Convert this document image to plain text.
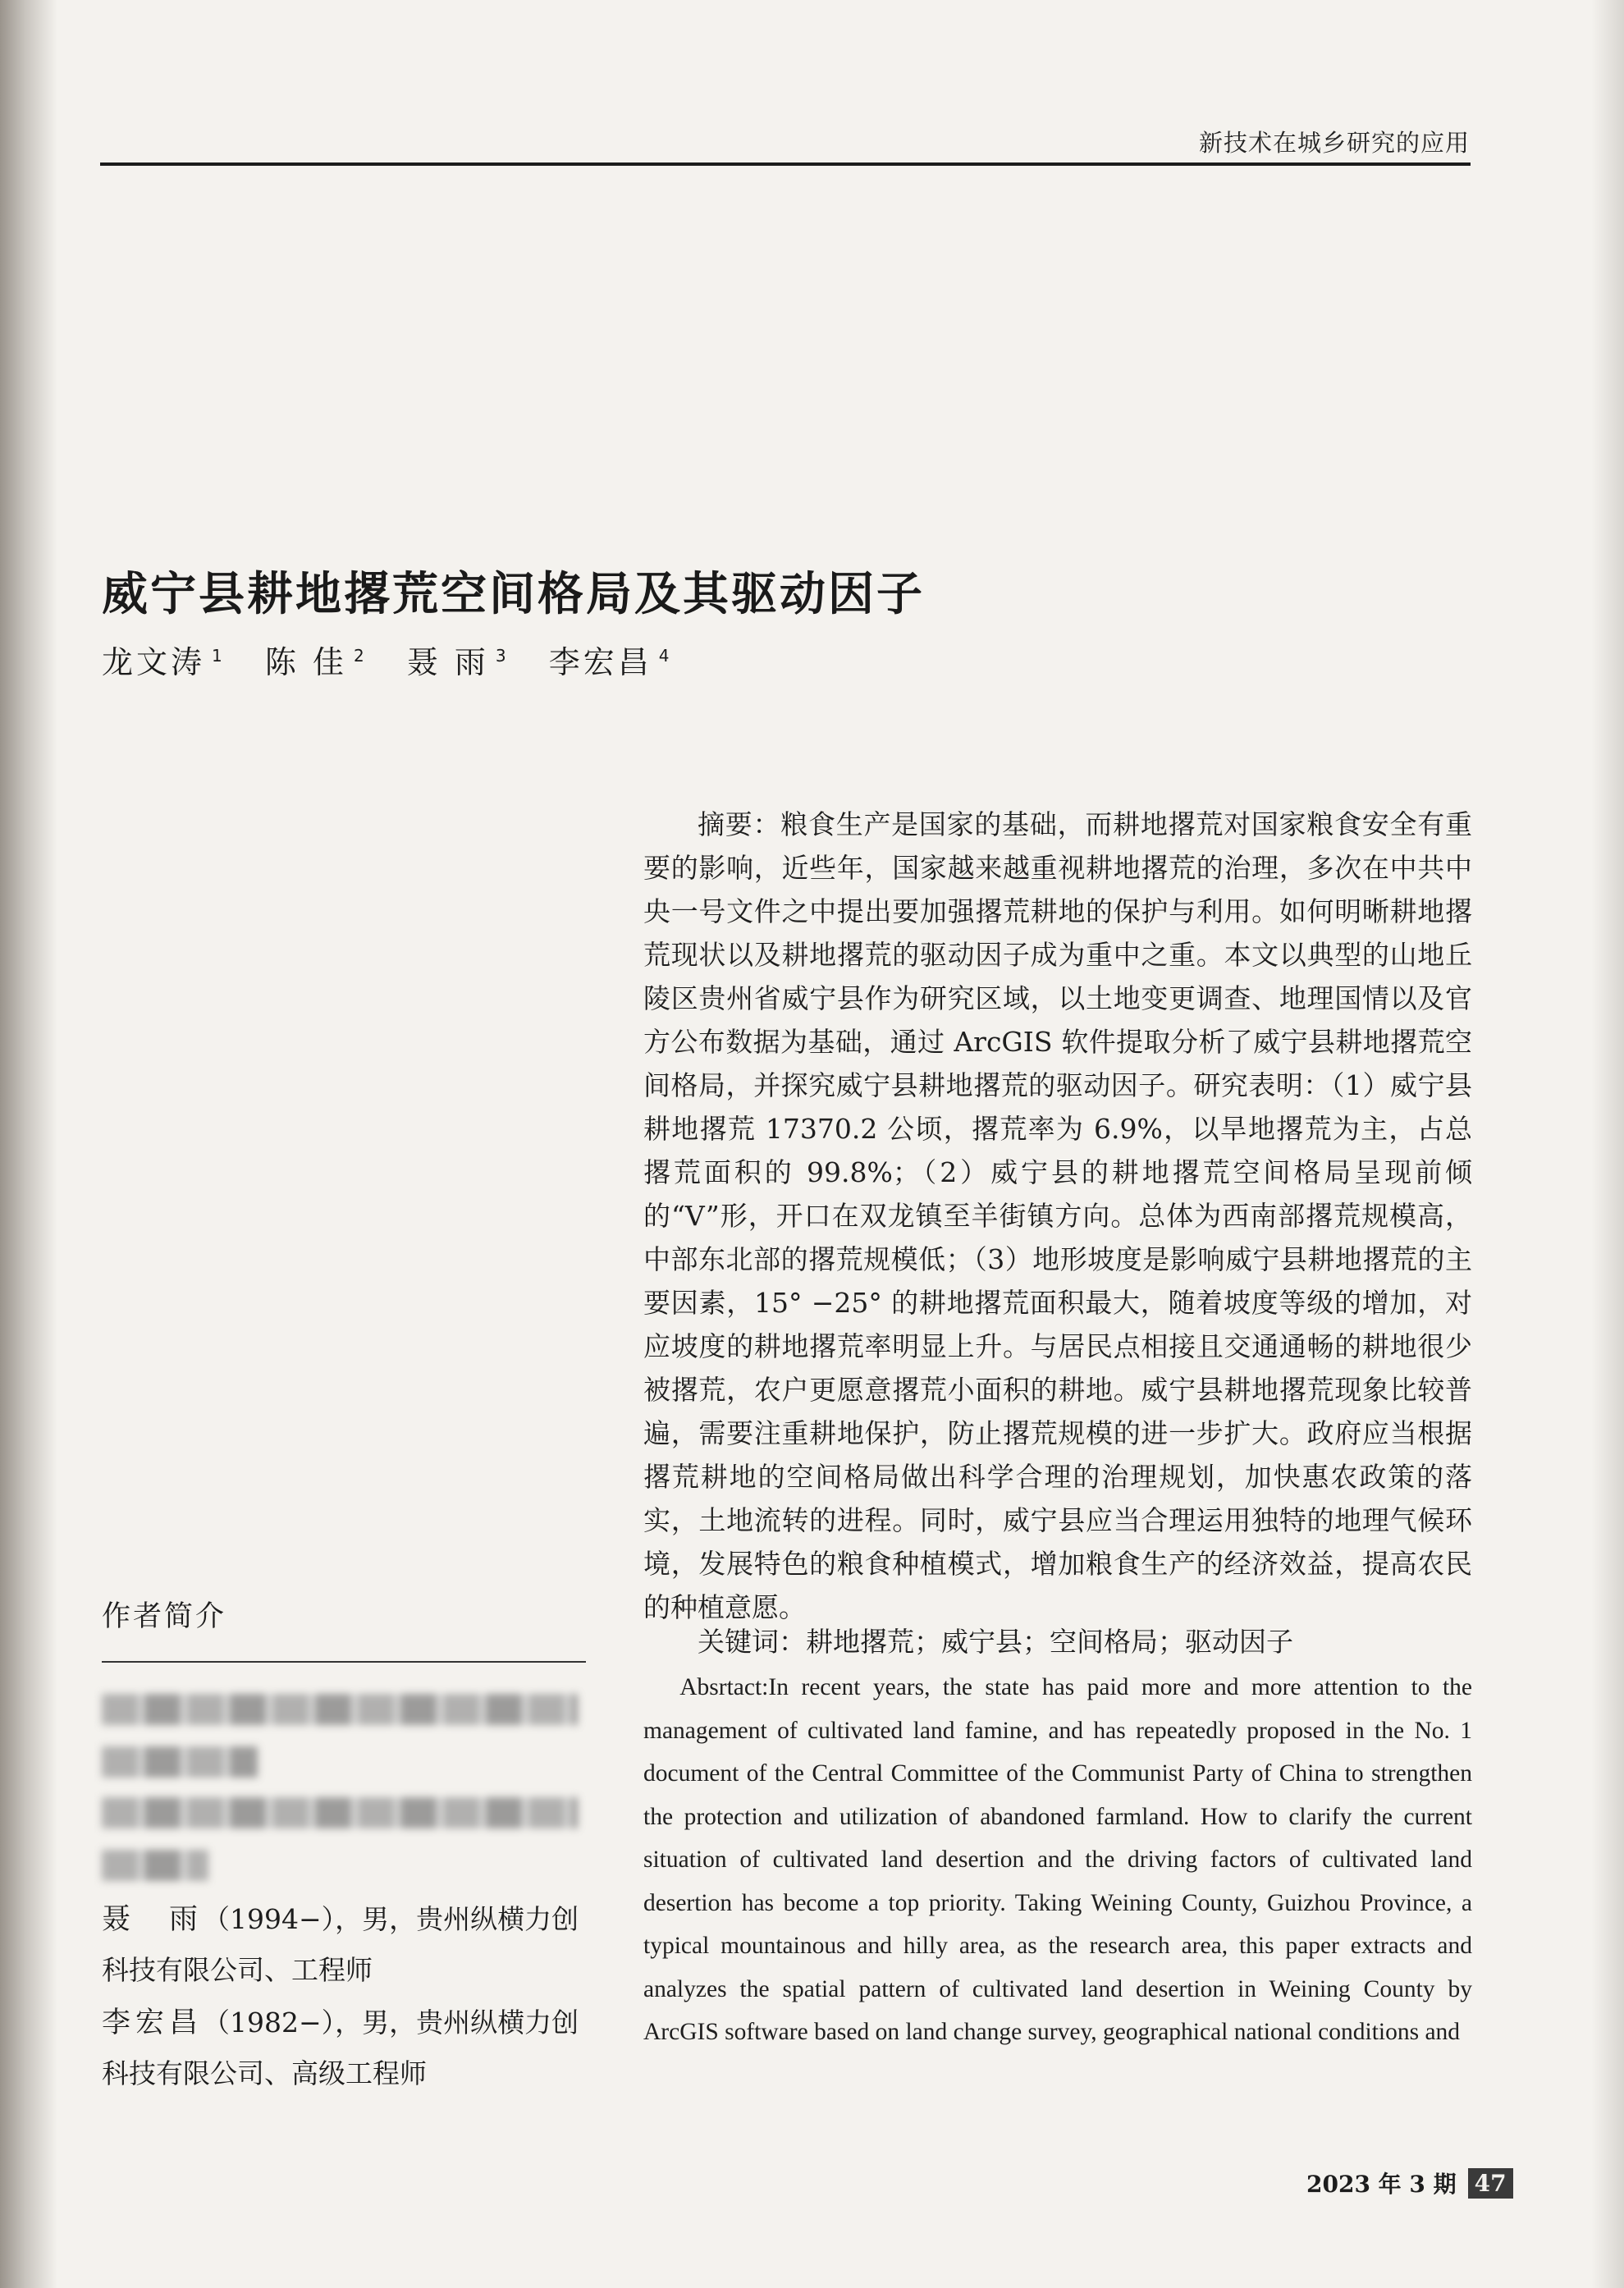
新技术在城乡研究的应用
威宁县耕地撂荒空间格局及其驱动因子
龙文涛 $^1$ 陈 佳 $^2$ 聂 雨 $^3$ 李宏昌 $^4$

摘要：粮食生产是国家的基础，而耕地撂荒对国家粮食安全有重要的影响，近些年，国家越来越重视耕地撂荒的治理，多次在中共中央一号文件之中提出要加强撂荒耕地的保护与利用。如何明晰耕地撂荒现状以及耕地撂荒的驱动因子成为重中之重。本文以典型的山地丘陵区贵州省威宁县作为研究区域，以土地变更调查、地理国情以及官方公布数据为基础，通过 ArcGIS 软件提取分析了威宁县耕地撂荒空间格局，并探究威宁县耕地撂荒的驱动因子。研究表明：（1）威宁县耕地撂荒 17370.2 公顷，撂荒率为 6.9%，以旱地撂荒为主，占总撂荒面积的 99.8%；（2）威宁县的耕地撂荒空间格局呈现前倾的“V”形，开口在双龙镇至羊街镇方向。总体为西南部撂荒规模高，中部东北部的撂荒规模低；（3）地形坡度是影响威宁县耕地撂荒的主要因素，15° −25° 的耕地撂荒面积最大，随着坡度等级的增加，对应坡度的耕地撂荒率明显上升。与居民点相接且交通通畅的耕地很少被撂荒，农户更愿意撂荒小面积的耕地。威宁县耕地撂荒现象比较普遍，需要注重耕地保护，防止撂荒规模的进一步扩大。政府应当根据撂荒耕地的空间格局做出科学合理的治理规划，加快惠农政策的落实，土地流转的进程。同时，威宁县应当合理运用独特的地理气候环境，发展特色的粮食种植模式，增加粮食生产的经济效益，提高农民的种植意愿。

关键词：耕地撂荒；威宁县；空间格局；驱动因子
Absrtact:In recent years, the state has paid more and more attention to the management of cultivated land famine, and has repeatedly proposed in the No. 1 document of the Central Committee of the Communist Party of China to strengthen the protection and utilization of abandoned farmland. How to clarify the current situation of cultivated land desertion and the driving factors of cultivated land desertion has become a top priority. Taking Weining County, Guizhou Province, a typical mountainous and hilly area, as the research area, this paper extracts and analyzes the spatial pattern of cultivated land desertion in Weining County by ArcGIS software based on land change survey, geographical national conditions and
作者简介
聂　雨（1994−），男，贵州纵横力创科技有限公司、工程师
李宏昌（1982−），男，贵州纵横力创科技有限公司、高级工程师
2023 年 3 期 47
